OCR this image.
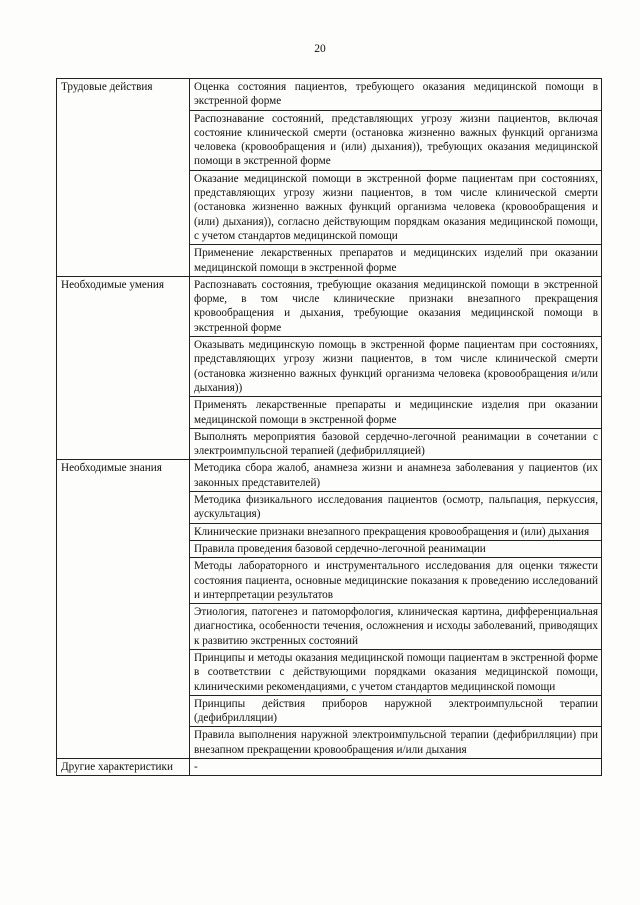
20
Трудовые действия	Оценка состояния пациентов, требующего оказания медицинской помощи в экстренной форме
	Распознавание состояний, представляющих угрозу жизни пациентов, включая состояние клинической смерти (остановка жизненно важных функций организма человека (кровообращения и (или) дыхания)), требующих оказания медицинской помощи в экстренной форме
	Оказание медицинской помощи в экстренной форме пациентам при состояниях, представляющих угрозу жизни пациентов, в том числе клинической смерти (остановка жизненно важных функций организма человека (кровообращения и (или) дыхания)), согласно действующим порядкам оказания медицинской помощи, с учетом стандартов медицинской помощи
	Применение лекарственных препаратов и медицинских изделий при оказании медицинской помощи в экстренной форме
Необходимые умения	Распознавать состояния, требующие оказания медицинской помощи в экстренной форме, в том числе клинические признаки внезапного прекращения кровообращения и дыхания, требующие оказания медицинской помощи в экстренной форме
	Оказывать медицинскую помощь в экстренной форме пациентам при состояниях, представляющих угрозу жизни пациентов, в том числе клинической смерти (остановка жизненно важных функций организма человека (кровообращения и/или дыхания))
	Применять лекарственные препараты и медицинские изделия при оказании медицинской помощи в экстренной форме
	Выполнять мероприятия базовой сердечно-легочной реанимации в сочетании с электроимпульсной терапией (дефибрилляцией)
Необходимые знания	Методика сбора жалоб, анамнеза жизни и анамнеза заболевания у пациентов (их законных представителей)
	Методика физикального исследования пациентов (осмотр, пальпация, перкуссия, аускультация)
	Клинические признаки внезапного прекращения кровообращения и (или) дыхания
	Правила проведения базовой сердечно-легочной реанимации
	Методы лабораторного и инструментального исследования для оценки тяжести состояния пациента, основные медицинские показания к проведению исследований и интерпретации результатов
	Этиология, патогенез и патоморфология, клиническая картина, дифференциальная диагностика, особенности течения, осложнения и исходы заболеваний, приводящих к развитию экстренных состояний
	Принципы и методы оказания медицинской помощи пациентам в экстренной форме в соответствии с действующими порядками оказания медицинской помощи, клиническими рекомендациями, с учетом стандартов медицинской помощи
	Принципы действия приборов наружной электроимпульсной терапии (дефибрилляции)
	Правила выполнения наружной электроимпульсной терапии (дефибрилляции) при внезапном прекращении кровообращения и/или дыхания
Другие характеристики	-
